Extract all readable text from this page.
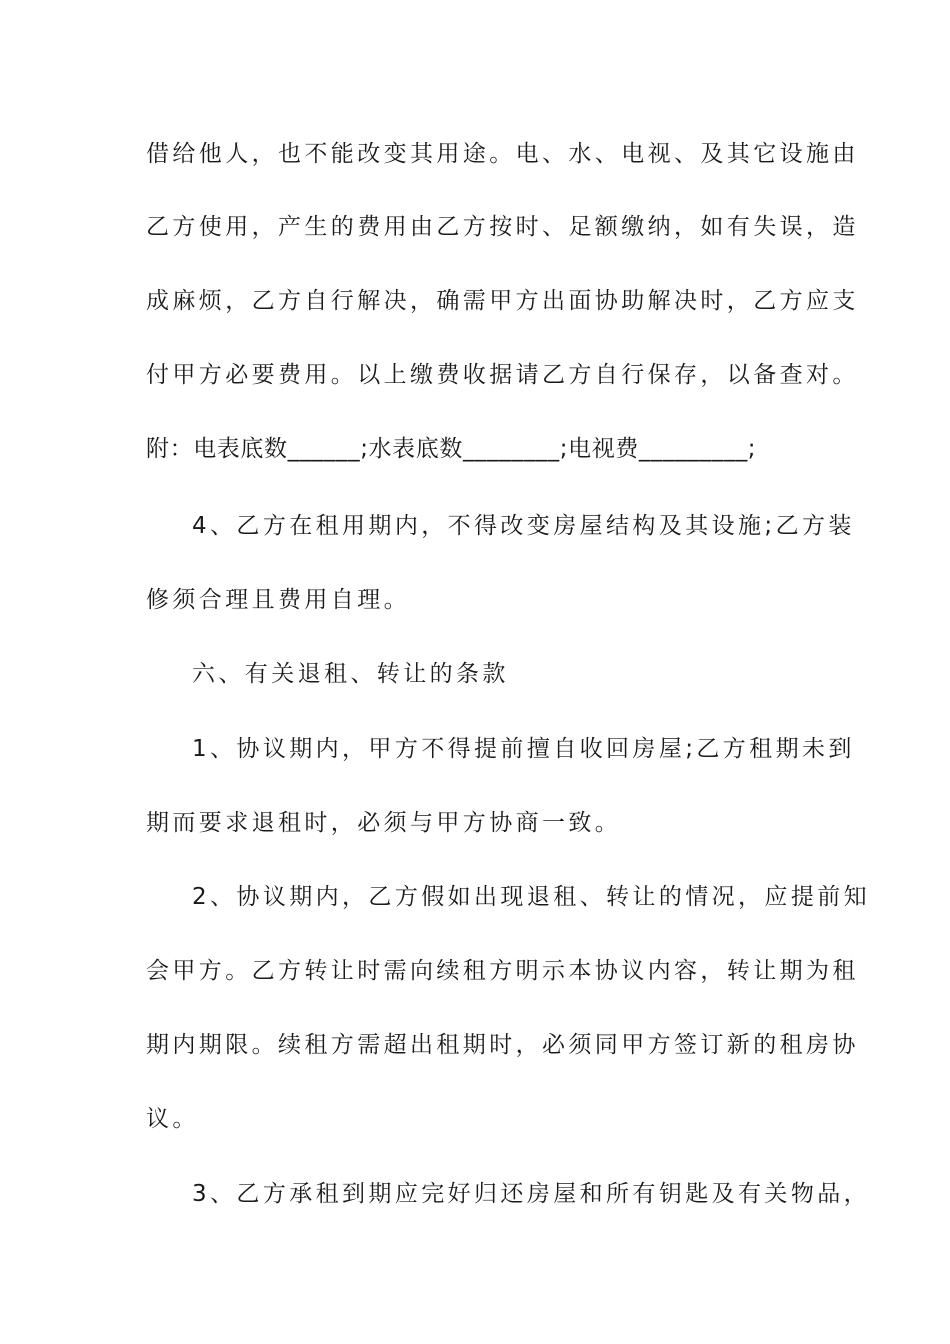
借给他人，也不能改变其用途。电、水、电视、及其它设施由
乙方使用，产生的费用由乙方按时、足额缴纳，如有失误，造
成麻烦，乙方自行解决，确需甲方出面协助解决时，乙方应支
付甲方必要费用。以上缴费收据请乙方自行保存，以备查对。
附：电表底数______;水表底数________;电视费_________;
4、乙方在租用期内，不得改变房屋结构及其设施;乙方装
修须合理且费用自理。
六、有关退租、转让的条款
1、协议期内，甲方不得提前擅自收回房屋;乙方租期未到
期而要求退租时，必须与甲方协商一致。
2、协议期内，乙方假如出现退租、转让的情况，应提前知
会甲方。乙方转让时需向续租方明示本协议内容，转让期为租
期内期限。续租方需超出租期时，必须同甲方签订新的租房协
议。
3、乙方承租到期应完好归还房屋和所有钥匙及有关物品，
